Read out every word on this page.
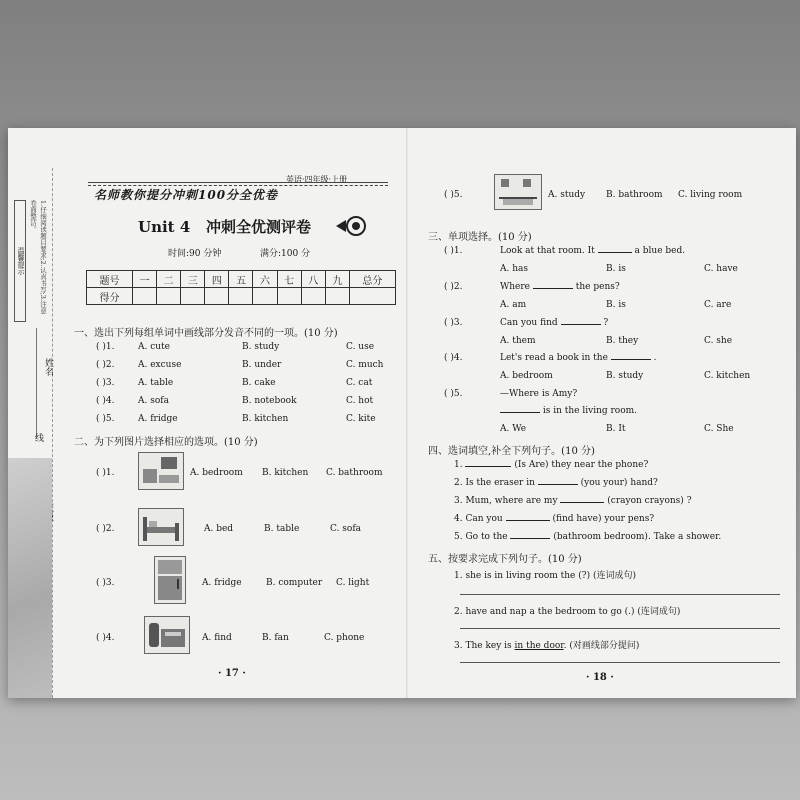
温馨提示	1.仔细阅读题目要求;2.认真书写;3.注意卷面整洁。
线
姓名
英语·四年级·上册
名师教你提分冲刺100分全优卷
Unit 4 冲刺全优测评卷
时间:90 分钟	满分:100 分
题号	一	二	三	四	五	六	七	八	九	总分
得分										
一、选出下列每组单词中画线部分发音不同的一项。(10 分)
( )1.	A. cute	B. study	C. use
( )2.	A. excuse	B. under	C. much
( )3.	A. table	B. cake	C. cat
( )4.	A. sofa	B. notebook	C. hot
( )5.	A. fridge	B. kitchen	C. kite
二、为下列图片选择相应的选项。(10 分)
( )1.	A. bedroom B. kitchen C. bathroom
( )2.	A. bed	B. table	C. sofa
( )3.	A. fridge	B. computer C. light
( )4.	A. find	B. fan	C. phone
· 17 ·
( )5.	A. study B. bathroom C. living room
三、单项选择。(10 分)
( )1.	Look at that room. It	a blue bed.
A. has	B. is	C. have
( )2.	Where	the pens?
A. am	B. is	C. are
( )3.	Can you find	?
A. them	B. they	C. she
( )4.	Let's read a book in the	.
A. bedroom	B. study	C. kitchen
( )5.	—Where is Amy?
is in the living room.
A. We	B. It	C. She
四、选词填空,补全下列句子。(10 分)
1.	(Is Are) they near the phone?
2. Is the eraser in	(you your) hand?
3. Mum, where are my	(crayon crayons) ?
4. Can you	(find have) your pens?
5. Go to the	(bathroom bedroom). Take a shower.
五、按要求完成下列句子。(10 分)
1. she is in living room the (?) (连词成句)
2. have and nap a the bedroom to go (.) (连词成句)
3. The key is in the door. (对画线部分提问)
· 18 ·
